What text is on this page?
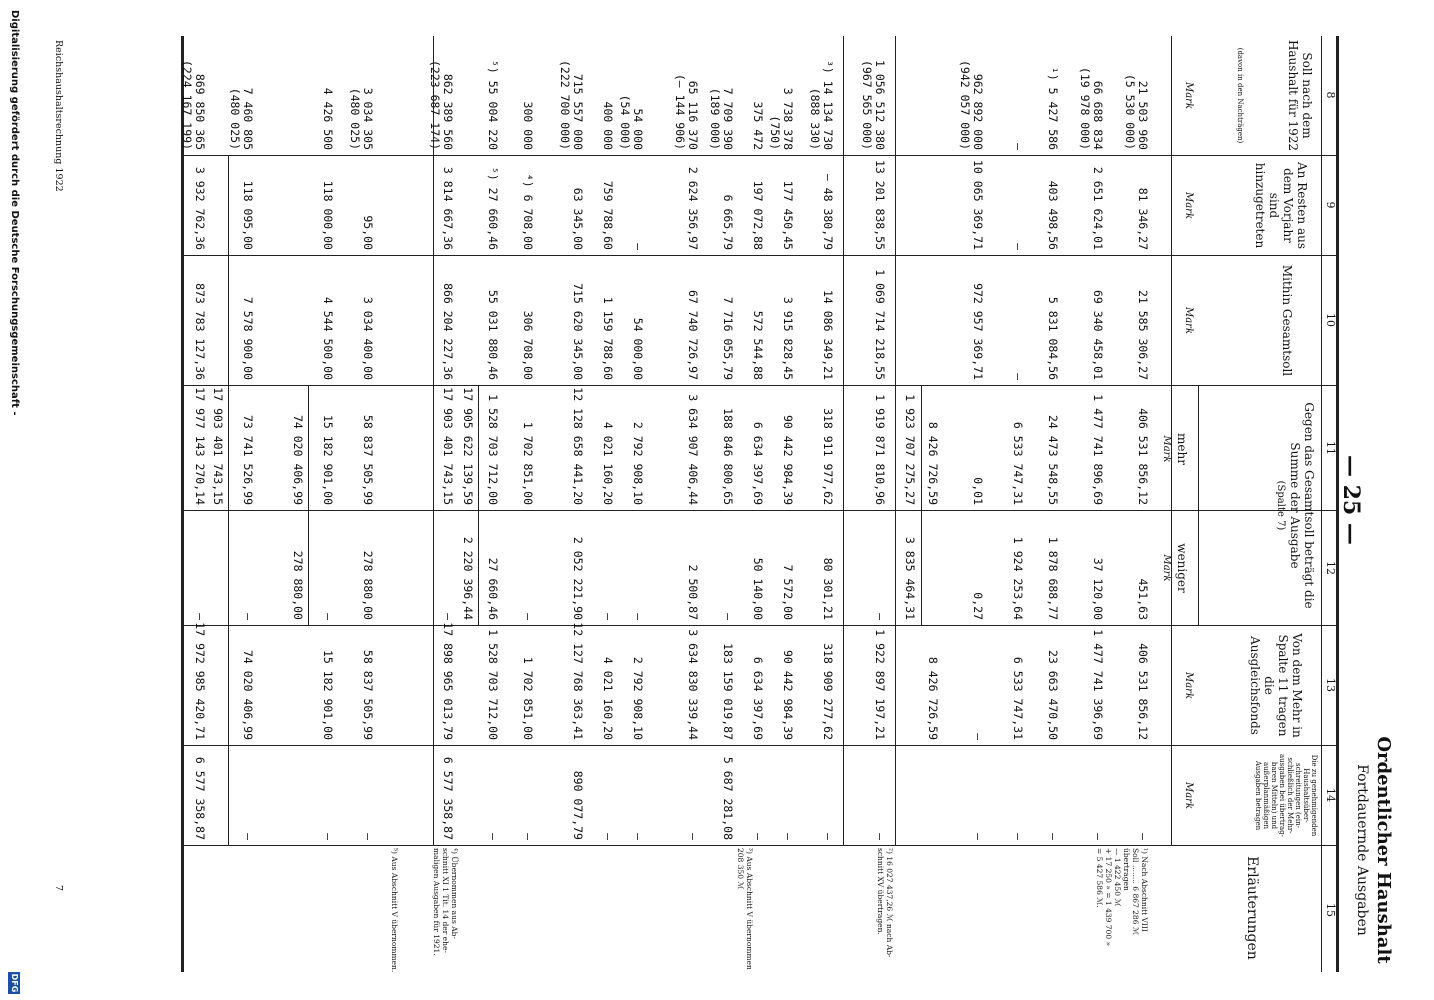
— 25 —
Ordentlicher Haushalt
Fortdauernde Ausgaben
8
9
10
11
12
13
14
15
Soll nach dem Haushalt für 1922
(davon in den Nachträgen)
An Resten aus dem Vorjahr sind hinzugetreten
Mithin Gesamtsoll
Gegen das Gesamtsoll beträgt die Summe der Ausgabe
(Spalte 7)
mehr
weniger
Von dem Mehr in Spalte 11 tragen die Ausgleichsfonds
Die zu genehmigenden Haushaltsüber- schreitungen (ein- schließlich der Mehr- ausgaben bei übertrag- baren Mitteln) und außerplanmäßigen Ausgaben betragen
Erläuterungen
Mark
Mark
Mark
Mark
Mark
Mark
Mark
21 503 960
(5 530 000)
81 346,27
21 585 306,27
406 531 856,12
451,63
406 531 856,12
—
66 688 834
(19 978 000)
2 651 624,01
69 340 458,01
1 477 741 896,69
37 120,00
1 477 741 396,69
—
¹) 5 427 586
403 498,56
5 831 084,56
24 473 548,55
1 878 688,77
23 663 470,50
—
—
—
—
6 533 747,31
1 924 253,64
6 533 747,31
—
962 892 000
(942 057 000)
10 065 369,71
972 957 369,71
0,01
0,27
—
—
8 426 726,59
1 923 707 275,27
3 835 464,31
8 426 726,59
1 056 512 380
(967 565 000)
13 201 838,55
1 069 714 218,55
1 919 871 810,96
—
1 922 897 197,21
—
³) 14 134 730
(888 330)
— 48 380,79
14 086 349,21
318 911 977,62
80 301,21
318 909 277,62
—
3 738 378
(750)
177 450,45
3 915 828,45
90 442 984,39
7 572,00
90 442 984,39
—
375 472
197 072,88
572 544,88
6 634 397,69
50 140,00
6 634 397,69
—
7 709 390
(189 000)
6 665,79
7 716 055,79
188 846 800,65
—
183 159 019,87
5 687 281,08
65 116 370
(— 144 906)
2 624 356,97
67 740 726,97
3 634 907 406,44
2 500,87
3 634 830 339,44
—
54 000
(54 000)
—
54 000,00
2 792 908,10
—
2 792 908,10
—
400 000
759 788,60
1 159 788,60
4 021 160,20
—
4 021 160,20
—
715 557 000
(222 700 000)
63 345,00
715 620 345,00
12 128 658 441,20
2 052 221,90
12 127 768 363,41
890 077,79
300 000
⁴) 6 708,00
306 708,00
1 702 851,00
—
1 702 851,00
—
⁵) 55 004 220
⁵) 27 660,46
55 031 880,46
1 528 703 712,00
27 660,46
1 528 703 712,00
—
17 905 622 139,59
2 220 396,44
862 389 560
(223 687 174)
3 814 667,36
866 204 227,36
17 903 401 743,15
—
17 898 965 013,79
6 577 358,87
3 034 305
(480 025)
95,00
3 034 400,00
58 837 505,99
278 880,00
58 837 505,99
—
4 426 500
118 000,00
4 544 500,00
15 182 901,00
—
15 182 901,00
—
74 020 406,99
278 880,00
7 460 805
(480 025)
118 095,00
7 578 900,00
73 741 526,99
—
74 020 406,99
—
17 903 401 743,15
869 850 365
(224 167 199)
3 932 762,36
873 783 127,36
17 977 143 270,14
—
17 972 985 420,71
6 577 358,87
¹) Nach Abschnitt VIII
Soll ........ 6 867 286 ℳ
übertragen
— 1 422 450 ℳ
+ 17 250 » = 1 439 700 »
= 5 427 586 ℳ.
²) 16 027 437,26 ℳ nach Ab-
schnitt XV übertragen.
³) Aus Abschnitt V übernommen
208 350 ℳ
⁴) Übernommen aus Ab-
schnitt XI 1 Tit. 14 der ehe-
maligen Ausgaben für 1921.
⁵) Aus Abschnitt V übernommen.
Reichshaushaltsrechnung 1922
7
Digitalisierung gefördert durch die Deutsche Forschungsgemeinschaft -
DFG
